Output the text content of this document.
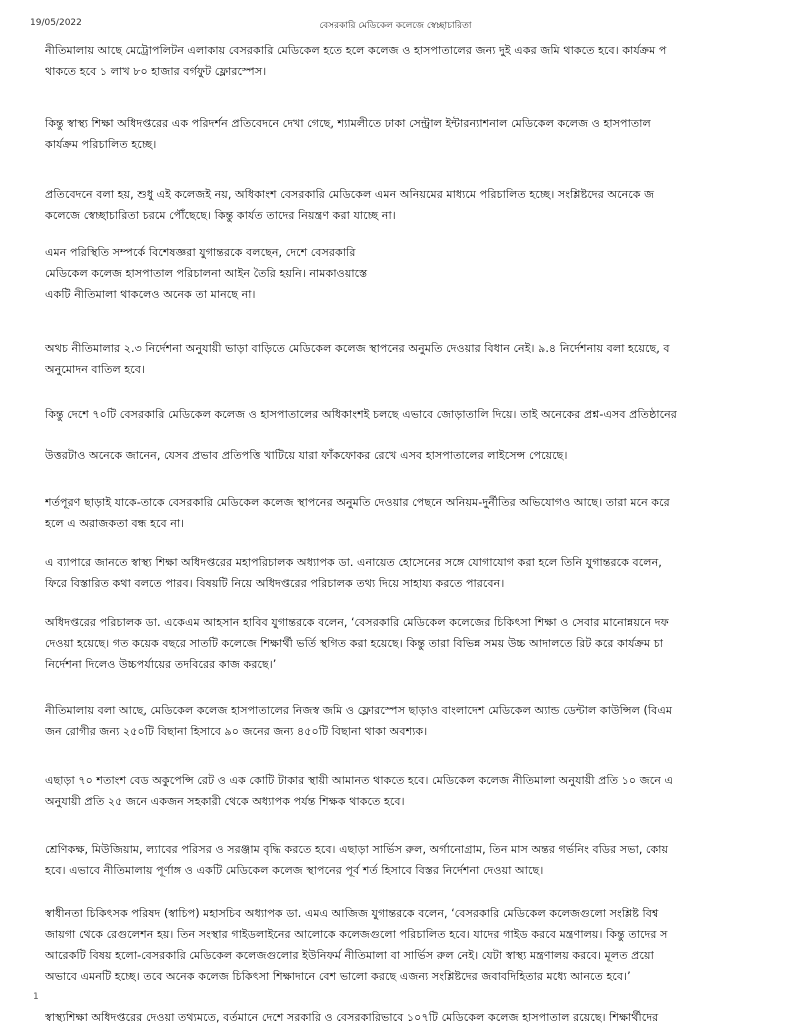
19/05/2022	বেসরকারি মেডিকেল কলেজে স্বেচ্ছাচারিতা
নীতিমালায় আছে মেট্রোপলিটন এলাকায় বেসরকারি মেডিকেল হতে হলে কলেজ ও হাসপাতালের জন্য দুই একর জমি থাকতে হবে। কার্যক্রম প
থাকতে হবে ১ লাখ ৮০ হাজার বর্গফুট ফ্লোরস্পেস।
কিন্তু স্বাস্থ্য শিক্ষা অধিদপ্তরের এক পরিদর্শন প্রতিবেদনে দেখা গেছে, শ্যামলীতে ঢাকা সেন্ট্রাল ইন্টারন্যাশনাল মেডিকেল কলেজ ও হাসপাতাল
কার্যক্রম পরিচালিত হচ্ছে।
প্রতিবেদনে বলা হয়, শুধু এই কলেজই নয়, অধিকাংশ বেসরকারি মেডিকেল এমন অনিয়মের মাধ্যমে পরিচালিত হচ্ছে। সংশ্লিষ্টদের অনেকে জ
কলেজে স্বেচ্ছাচারিতা চরমে পৌঁছেছে। কিন্তু কার্যত তাদের নিয়ন্ত্রণ করা যাচ্ছে না।
এমন পরিস্থিতি সম্পর্কে বিশেষজ্ঞরা যুগান্তরকে বলছেন, দেশে বেসরকারি
মেডিকেল কলেজ হাসপাতাল পরিচালনা আইন তৈরি হয়নি। নামকাওয়াস্তে
একটি নীতিমালা থাকলেও অনেক তা মানছে না।
অথচ নীতিমালার ২.৩ নির্দেশনা অনুযায়ী ভাড়া বাড়িতে মেডিকেল কলেজ স্থাপনের অনুমতি দেওয়ার বিধান নেই। ৯.৪ নির্দেশনায় বলা হয়েছে, ব
অনুমোদন বাতিল হবে।
কিন্তু দেশে ৭০টি বেসরকারি মেডিকেল কলেজ ও হাসপাতালের অধিকাংশই চলছে এভাবে জোড়াতালি দিয়ে। তাই অনেকের প্রশ্ন-এসব প্রতিষ্ঠানের
উত্তরটাও অনেকে জানেন, যেসব প্রভাব প্রতিপত্তি খাটিয়ে যারা ফাঁকফোকর রেখে এসব হাসপাতালের লাইসেন্স পেয়েছে।
শর্তপূরণ ছাড়াই যাকে-তাকে বেসরকারি মেডিকেল কলেজ স্থাপনের অনুমতি দেওয়ার পেছনে অনিয়ম-দুর্নীতির অভিযোগও আছে। তারা মনে করে
হলে এ অরাজকতা বন্ধ হবে না।
এ ব্যাপারে জানতে স্বাস্থ্য শিক্ষা অধিদপ্তরের মহাপরিচালক অধ্যাপক ডা. এনায়েত হোসেনের সঙ্গে যোগাযোগ করা হলে তিনি যুগান্তরকে বলেন,
ফিরে বিস্তারিত কথা বলতে পারব। বিষয়টি নিয়ে অধিদপ্তরের পরিচালক তথ্য দিয়ে সাহায্য করতে পারবেন।
অধিদপ্তরের পরিচালক ডা. একেএম আহসান হাবিব যুগান্তরকে বলেন, ‘বেসরকারি মেডিকেল কলেজের চিকিৎসা শিক্ষা ও সেবার মানোন্নয়নে দফ
দেওয়া হয়েছে। গত কয়েক বছরে সাতটি কলেজে শিক্ষার্থী ভর্তি স্থগিত করা হয়েছে। কিন্তু তারা বিভিন্ন সময় উচ্চ আদালতে রিট করে কার্যক্রম চা
নির্দেশনা দিলেও উচ্চপর্যায়ের তদবিরের কাজ করছে।’
নীতিমালায় বলা আছে, মেডিকেল কলেজ হাসপাতালের নিজস্ব জমি ও ফ্লোরস্পেস ছাড়াও বাংলাদেশ মেডিকেল অ্যান্ড ডেন্টাল কাউন্সিল (বিএম
জন রোগীর জন্য ২৫০টি বিছানা হিসাবে ৯০ জনের জন্য ৪৫০টি বিছানা থাকা অবশ্যক।
এছাড়া ৭০ শতাংশ বেড অকুপেন্সি রেট ও এক কোটি টাকার স্থায়ী আমানত থাকতে হবে। মেডিকেল কলেজ নীতিমালা অনুযায়ী প্রতি ১০ জনে এ
অনুযায়ী প্রতি ২৫ জনে একজন সহকারী থেকে অধ্যাপক পর্যন্ত শিক্ষক থাকতে হবে।
শ্রেণিকক্ষ, মিউজিয়াম, ল্যাবের পরিসর ও সরঞ্জাম বৃদ্ধি করতে হবে। এছাড়া সার্ভিস রুল, অর্গানোগ্রাম, তিন মাস অন্তর গর্ভনিং বডির সভা, কোয়
হবে। এভাবে নীতিমালায় পূর্ণাঙ্গ ও একটি মেডিকেল কলেজ স্থাপনের পূর্ব শর্ত হিসাবে বিস্তর নির্দেশনা দেওয়া আছে।
স্বাধীনতা চিকিৎসক পরিষদ (স্বাচিপ) মহাসচিব অধ্যাপক ডা. এমএ আজিজ যুগান্তরকে বলেন, ‘বেসরকারি মেডিকেল কলেজগুলো সংশ্লিষ্ট বিশ্ব
জায়গা থেকে রেগুলেশন হয়। তিন সংস্থার গাইডলাইনের আলোকে কলেজগুলো পরিচালিত হবে। যাদের গাইড করবে মন্ত্রণালয়। কিন্তু তাদের স
আরেকটি বিষয় হলো-বেসরকারি মেডিকেল কলেজগুলোর ইউনিফর্ম নীতিমালা বা সার্ভিস রুল নেই। যেটা স্বাস্থ্য মন্ত্রণালয় করবে। মূলত প্রয়ো
অভাবে এমনটি হচ্ছে। তবে অনেক কলেজ চিকিৎসা শিক্ষাদানে বেশ ভালো করছে এজন্য সংশ্লিষ্টদের জবাবদিহিতার মধ্যে আনতে হবে।’
স্বাস্থ্যশিক্ষা অধিদপ্তরের দেওয়া তথ্যমতে, বর্তমানে দেশে সরকারি ও বেসরকারিভাবে ১০৭টি মেডিকেল কলেজ হাসপাতাল রয়েছে। শিক্ষার্থীদের
1
